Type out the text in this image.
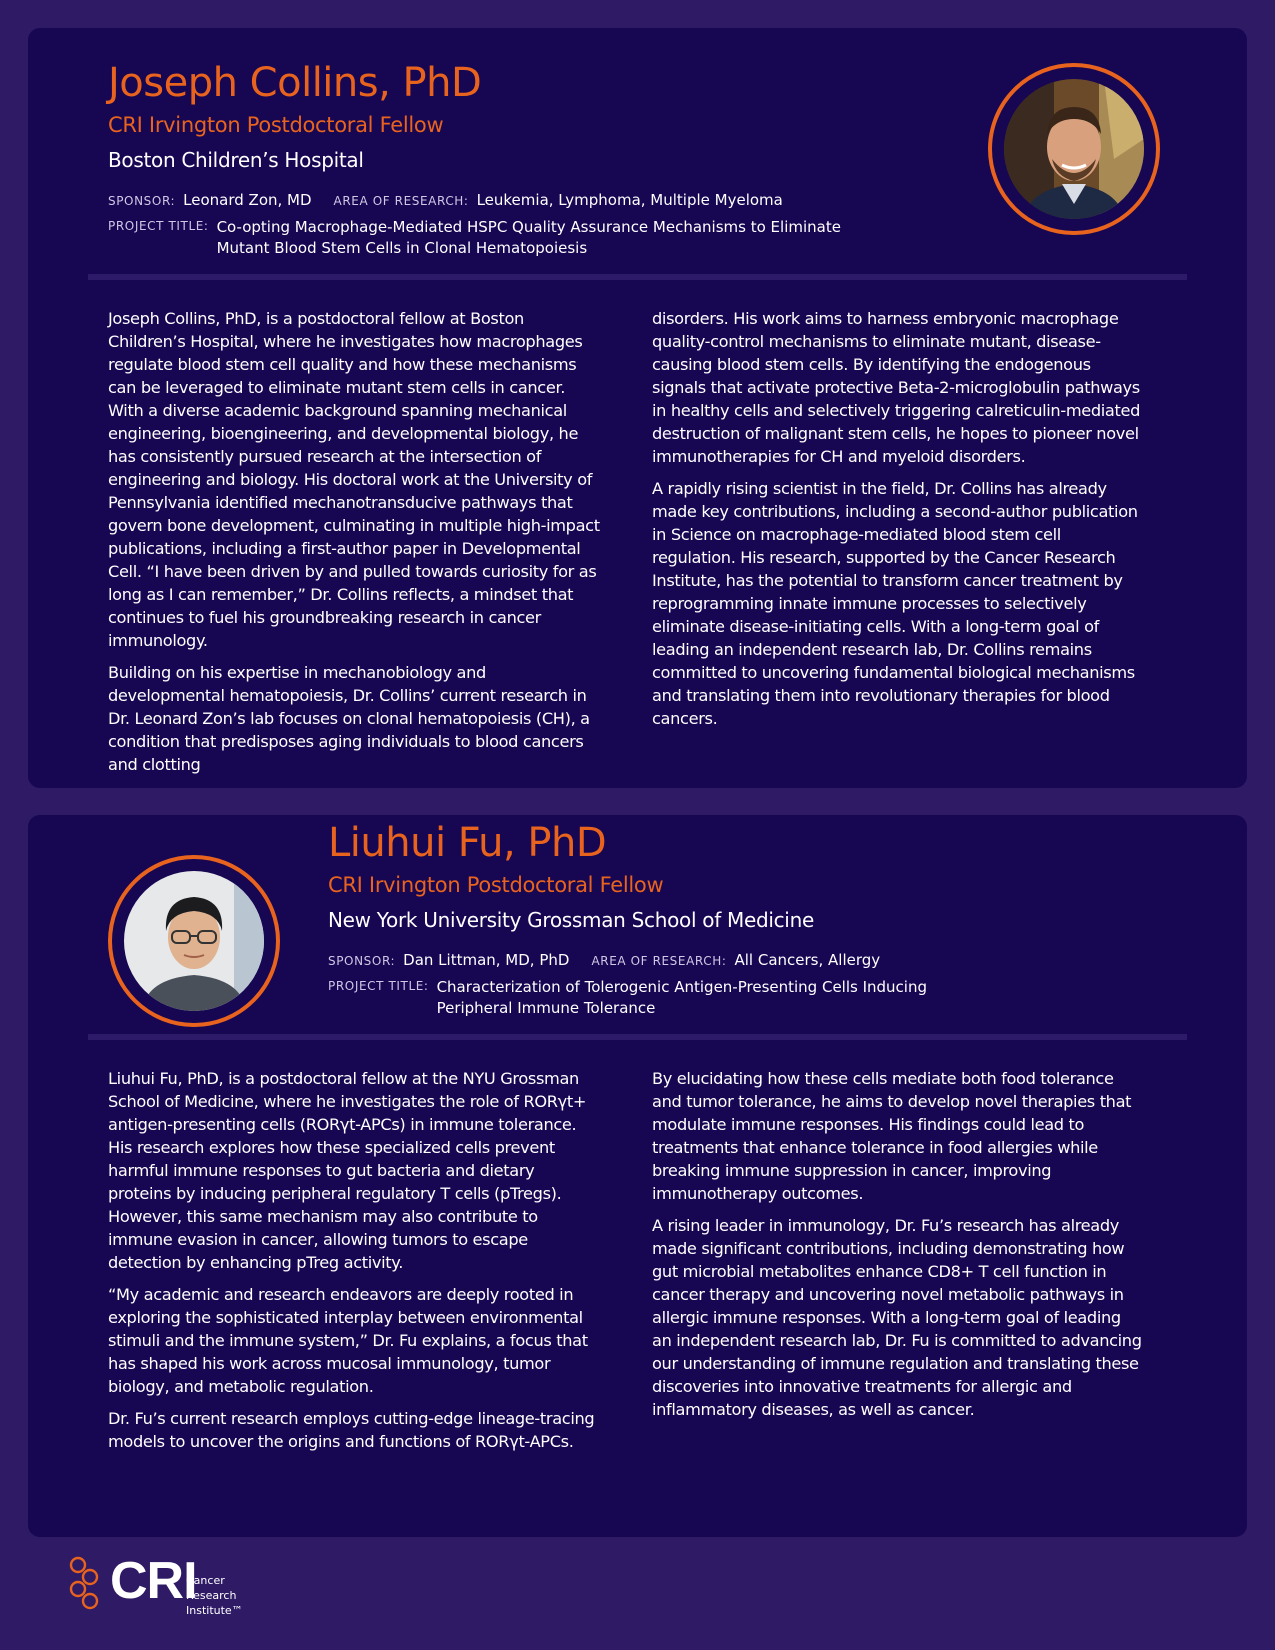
Joseph Collins, PhD
CRI Irvington Postdoctoral Fellow
Boston Children’s Hospital
SPONSOR: Leonard Zon, MD AREA OF RESEARCH: Leukemia, Lymphoma, Multiple Myeloma
PROJECT TITLE: Co-opting Macrophage-Mediated HSPC Quality Assurance Mechanisms to Eliminate Mutant Blood Stem Cells in Clonal Hematopoiesis

Joseph Collins, PhD, is a postdoctoral fellow at Boston Children’s Hospital, where he investigates how macrophages regulate blood stem cell quality and how these mechanisms can be leveraged to eliminate mutant stem cells in cancer. With a diverse academic background spanning mechanical engineering, bioengineering, and developmental biology, he has consistently pursued research at the intersection of engineering and biology. His doctoral work at the University of Pennsylvania identified mechanotransducive pathways that govern bone development, culminating in multiple high-impact publications, including a first-author paper in Developmental Cell. “I have been driven by and pulled towards curiosity for as long as I can remember,” Dr. Collins reflects, a mindset that continues to fuel his groundbreaking research in cancer immunology.

Building on his expertise in mechanobiology and developmental hematopoiesis, Dr. Collins’ current research in Dr. Leonard Zon’s lab focuses on clonal hematopoiesis (CH), a condition that predisposes aging individuals to blood cancers and clotting

disorders. His work aims to harness embryonic macrophage quality-control mechanisms to eliminate mutant, disease-causing blood stem cells. By identifying the endogenous signals that activate protective Beta-2-microglobulin pathways in healthy cells and selectively triggering calreticulin-mediated destruction of malignant stem cells, he hopes to pioneer novel immunotherapies for CH and myeloid disorders.

A rapidly rising scientist in the field, Dr. Collins has already made key contributions, including a second-author publication in Science on macrophage-mediated blood stem cell regulation. His research, supported by the Cancer Research Institute, has the potential to transform cancer treatment by reprogramming innate immune processes to selectively eliminate disease-initiating cells. With a long-term goal of leading an independent research lab, Dr. Collins remains committed to uncovering fundamental biological mechanisms and translating them into revolutionary therapies for blood cancers.

Liuhui Fu, PhD
CRI Irvington Postdoctoral Fellow
New York University Grossman School of Medicine
SPONSOR: Dan Littman, MD, PhD AREA OF RESEARCH: All Cancers, Allergy
PROJECT TITLE: Characterization of Tolerogenic Antigen-Presenting Cells Inducing Peripheral Immune Tolerance

Liuhui Fu, PhD, is a postdoctoral fellow at the NYU Grossman School of Medicine, where he investigates the role of RORγt+ antigen-presenting cells (RORγt-APCs) in immune tolerance. His research explores how these specialized cells prevent harmful immune responses to gut bacteria and dietary proteins by inducing peripheral regulatory T cells (pTregs). However, this same mechanism may also contribute to immune evasion in cancer, allowing tumors to escape detection by enhancing pTreg activity.

“My academic and research endeavors are deeply rooted in exploring the sophisticated interplay between environmental stimuli and the immune system,” Dr. Fu explains, a focus that has shaped his work across mucosal immunology, tumor biology, and metabolic regulation.

Dr. Fu’s current research employs cutting-edge lineage-tracing models to uncover the origins and functions of RORγt-APCs.

By elucidating how these cells mediate both food tolerance and tumor tolerance, he aims to develop novel therapies that modulate immune responses. His findings could lead to treatments that enhance tolerance in food allergies while breaking immune suppression in cancer, improving immunotherapy outcomes.

A rising leader in immunology, Dr. Fu’s research has already made significant contributions, including demonstrating how gut microbial metabolites enhance CD8+ T cell function in cancer therapy and uncovering novel metabolic pathways in allergic immune responses. With a long-term goal of leading an independent research lab, Dr. Fu is committed to advancing our understanding of immune regulation and translating these discoveries into innovative treatments for allergic and inflammatory diseases, as well as cancer.

CRI
Cancer
Research
Institute™
